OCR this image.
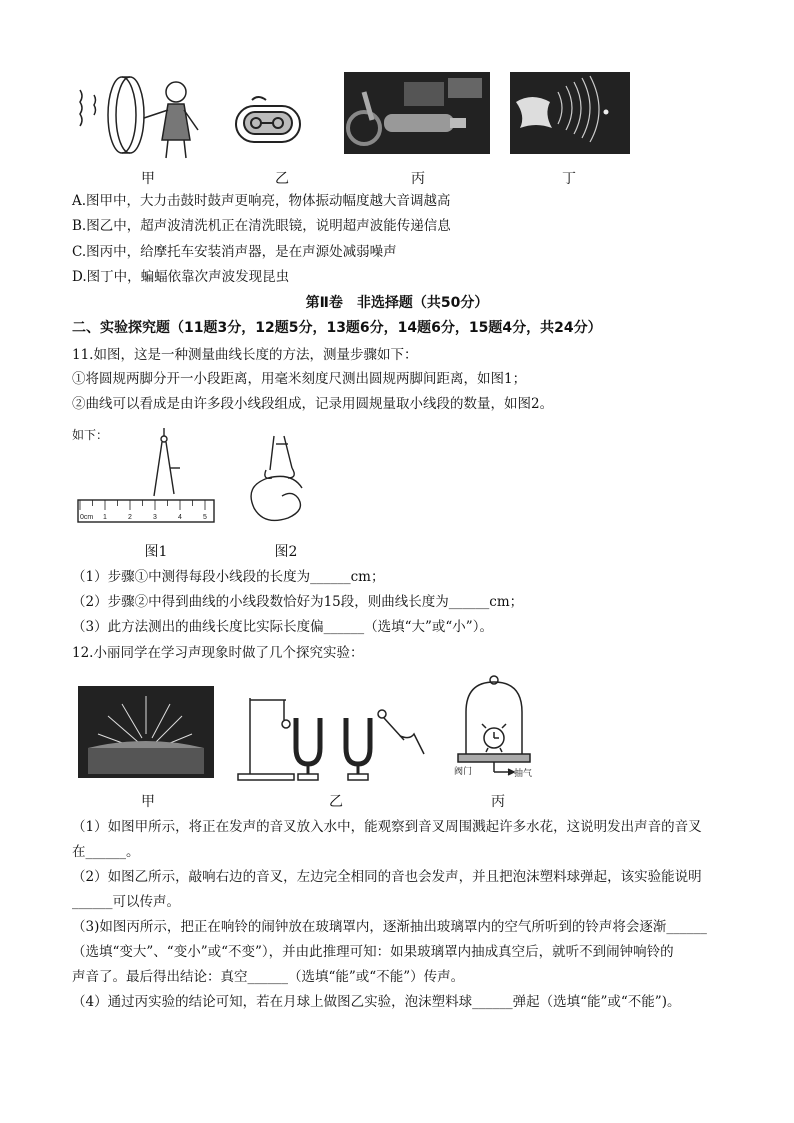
甲	乙	丙	丁
A.图甲中，大力击鼓时鼓声更响亮，物体振动幅度越大音调越高
B.图乙中，超声波清洗机正在清洗眼镜，说明超声波能传递信息
C.图丙中，给摩托车安装消声器，是在声源处减弱噪声
D.图丁中，蝙蝠依靠次声波发现昆虫
第Ⅱ卷　非选择题（共50分）
二、实验探究题（11题3分，12题5分，13题6分，14题6分，15题4分，共24分）
11.如图，这是一种测量曲线长度的方法，测量步骤如下：
①将圆规两脚分开一小段距离，用毫米刻度尺测出圆规两脚间距离，如图1；
②曲线可以看成是由许多段小线段组成，记录用圆规量取小线段的数量，如图2。
如下：
0cm 1	2	3	4	5
图1	图2
（1）步骤①中测得每段小线段的长度为______cm；
（2）步骤②中得到曲线的小线段数恰好为15段，则曲线长度为______cm；
（3）此方法测出的曲线长度比实际长度偏______（选填“大”或“小”）。
12.小丽同学在学习声现象时做了几个探究实验：
阀门	抽气
甲	乙	丙
（1）如图甲所示，将正在发声的音叉放入水中，能观察到音叉周围溅起许多水花，这说明发出声音的音叉
在______。
（2）如图乙所示，敲响右边的音叉，左边完全相同的音也会发声，并且把泡沫塑料球弹起，该实验能说明
______可以传声。
（3)如图丙所示，把正在响铃的闹钟放在玻璃罩内，逐渐抽出玻璃罩内的空气所听到的铃声将会逐渐______
（选填“变大”、“变小”或“不变”），并由此推理可知：如果玻璃罩内抽成真空后，就听不到闹钟响铃的
声音了。最后得出结论：真空______（选填“能”或“不能”）传声。
（4）通过丙实验的结论可知，若在月球上做图乙实验，泡沫塑料球______弹起（选填“能”或“不能”)。
